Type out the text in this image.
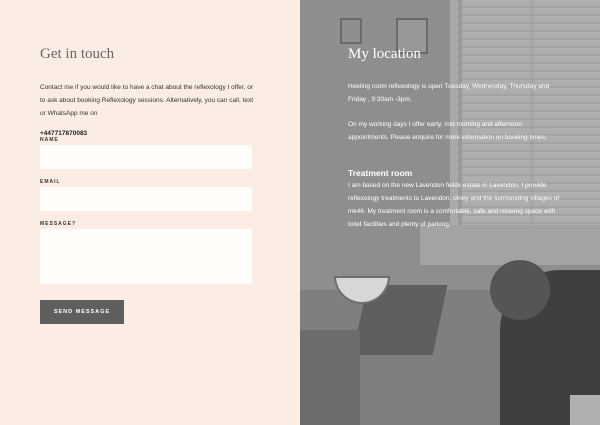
Get in touch

Contact me if you would like to have a chat about the reflexology I offer, or to ask about booking Reflexology sessions. Alternatively, you can call, text or WhatsApp me on

+447717870083
NAME
EMAIL
MESSAGE?
SEND MESSAGE
My location

Heeling room reflexology is open Tuesday, Wednesday, Thursday and Friday , 9:30am -3pm.

On my working days I offer early, mid morning and afternoon appointments. Please enquire for more information on booking times.

Treatment room

I am based on the new Lavendon fields estate in Lavendon. I provide reflexology treatments to Lavendon, olney and the surrounding villages of mk46. My treatment room is a comfortable, safe and relaxing space with toilet facilities and plenty of parking.
